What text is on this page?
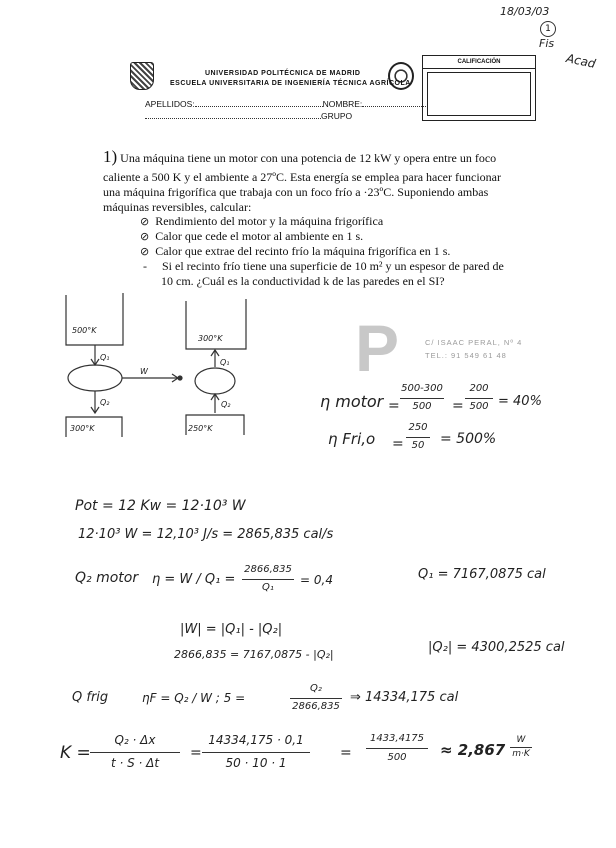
18/03/03
1
Fis
Acad
UNIVERSIDAD POLITÉCNICA DE MADRID
ESCUELA UNIVERSITARIA DE INGENIERÍA TÉCNICA AGRÍCOLA
CALIFICACIÓN
APELLIDOS:	NOMBRE:
GRUPO
1) Una máquina tiene un motor con una potencia de 12 kW y opera entre un foco
caliente a 500 K y el ambiente a 27ºC. Esta energía se emplea para hacer funcionar
una máquina frigorífica que trabaja con un foco frío a ·23ºC. Suponiendo ambas
máquinas reversibles, calcular:
⊘ Rendimiento del motor y la máquina frigorífica
⊘ Calor que cede el motor al ambiente en 1 s.
⊘ Calor que extrae del recinto frío la máquina frigorífica en 1 s.
-     Si el recinto frío tiene una superficie de 10 m² y un espesor de pared de
10 cm. ¿Cuál es la conductividad k de las paredes en el SI?
500°K
Q₁
Q₂
300°K
W
300°K
Q₁
Q₂
250°K
P	C/ ISAAC PERAL, Nº 4
TEL.: 91 549 61 48
η motor =
500-300
500	=
200
500 = 40%
η Fri,o =
250
50	= 500%
Pot = 12 Kw = 12·10³ W
12·10³ W = 12,10³ J/s = 2865,835 cal/s
Q₂ motor η = W / Q₁ =
2866,835
Q₁
= 0,4	Q₁ = 7167,0875 cal
|W| = |Q₁| - |Q₂|
2866,835 = 7167,0875 - |Q₂|	|Q₂| = 4300,2525 cal
Q frig	ηF = Q₂ / W ; 5 =
Q₂
2866,835
⇒ 14334,175 cal
K =
Q₂ · Δx
t · S · Δt
=
14334,175 · 0,1
50 · 10 · 1
=
1433,4175
500	≈ 2,867
W
m·K
